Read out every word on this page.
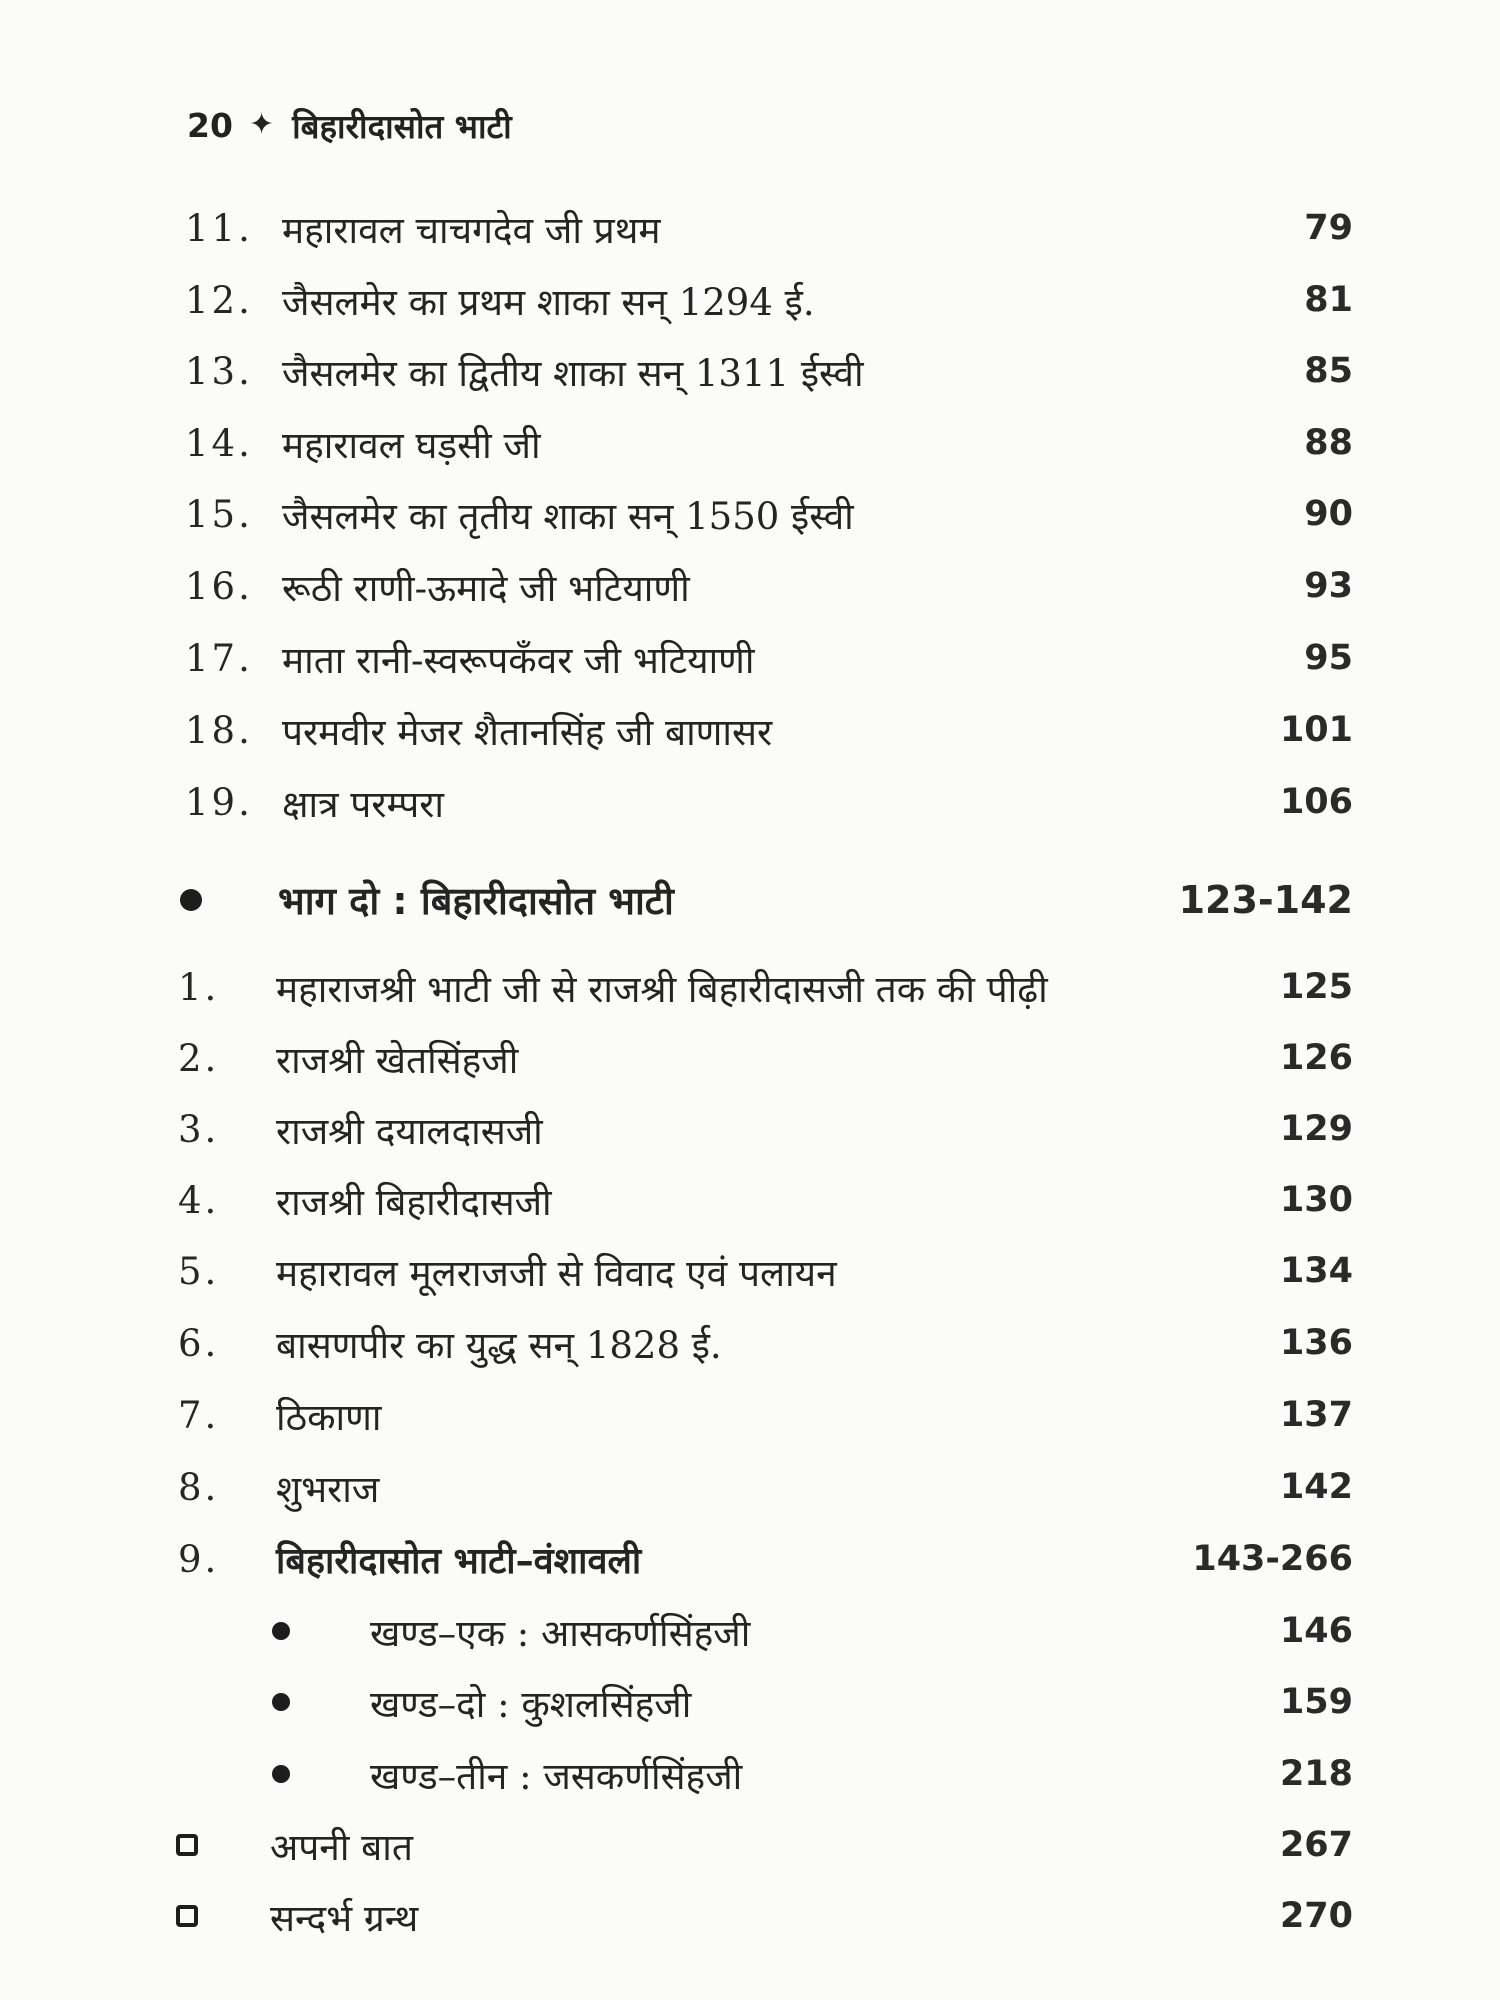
20 ✦ बिहारीदासोत भाटी
11. महारावल चाचगदेव जी प्रथम	79
12. जैसलमेर का प्रथम शाका सन् 1294 ई.	81
13. जैसलमेर का द्वितीय शाका सन् 1311 ईस्वी	85
14. महारावल घड़सी जी	88
15. जैसलमेर का तृतीय शाका सन् 1550 ईस्वी	90
16. रूठी राणी-ऊमादे जी भटियाणी	93
17. माता रानी-स्वरूपकँवर जी भटियाणी	95
18. परमवीर मेजर शैतानसिंह जी बाणासर	101
19. क्षात्र परम्परा	106
भाग दो : बिहारीदासोत भाटी	123-142
1. महाराजश्री भाटी जी से राजश्री बिहारीदासजी तक की पीढ़ी	125
2. राजश्री खेतसिंहजी	126
3. राजश्री दयालदासजी	129
4. राजश्री बिहारीदासजी	130
5. महारावल मूलराजजी से विवाद एवं पलायन	134
6. बासणपीर का युद्ध सन् 1828 ई.	136
7. ठिकाणा	137
8. शुभराज	142
9. बिहारीदासोत भाटी–वंशावली	143-266
खण्ड–एक : आसकर्णसिंहजी	146
खण्ड–दो : कुशलसिंहजी	159
खण्ड–तीन : जसकर्णसिंहजी	218
अपनी बात	267
सन्दर्भ ग्रन्थ	270
